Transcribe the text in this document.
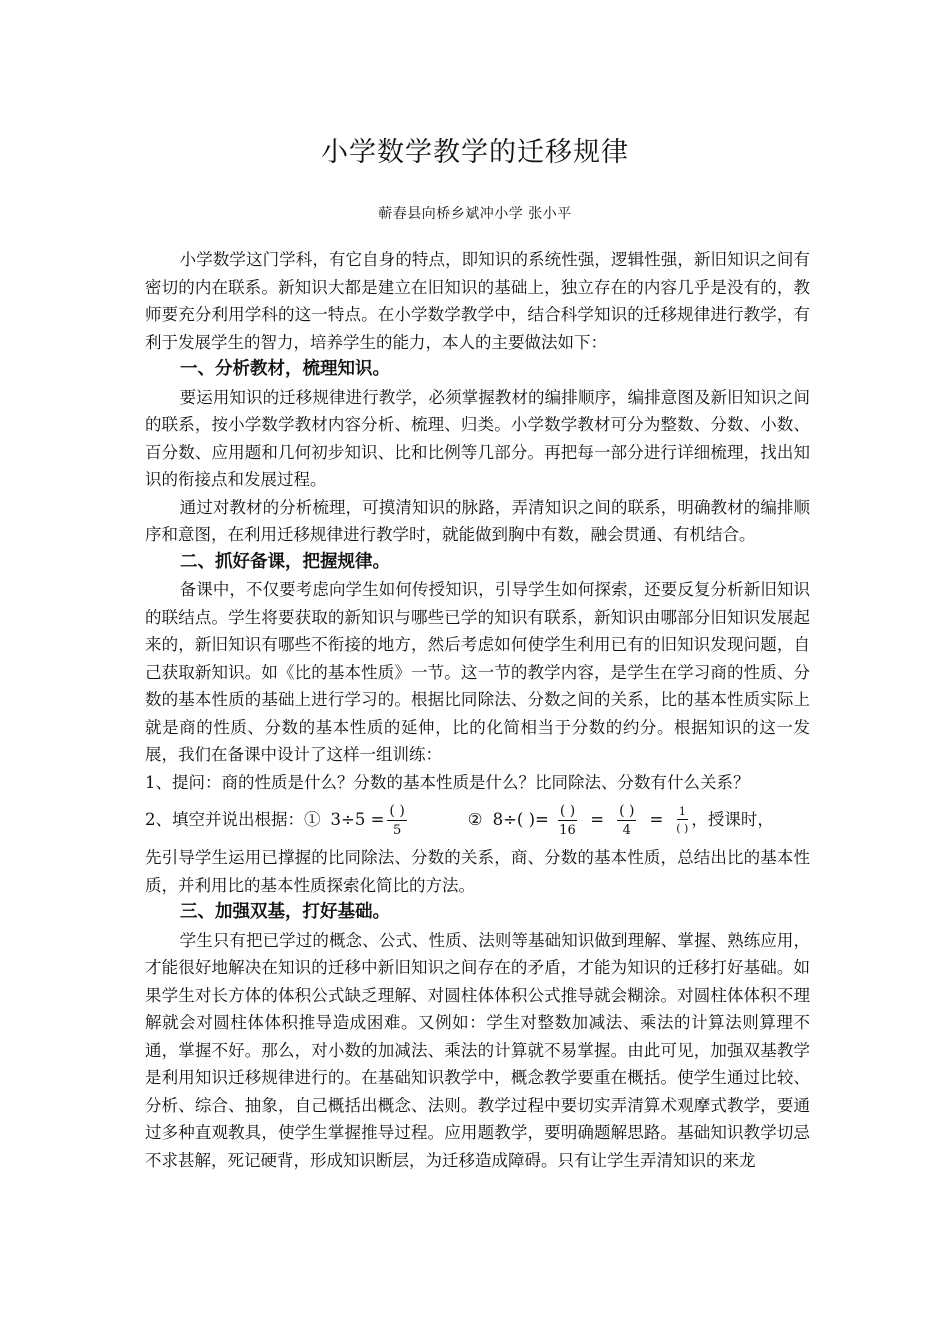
小学数学教学的迁移规律
蕲春县向桥乡斌冲小学 张小平

小学数学这门学科，有它自身的特点，即知识的系统性强，逻辑性强，新旧知识之间有密切的内在联系。新知识大都是建立在旧知识的基础上，独立存在的内容几乎是没有的，教师要充分利用学科的这一特点。在小学数学教学中，结合科学知识的迁移规律进行教学，有利于发展学生的智力，培养学生的能力，本人的主要做法如下：

一、分析教材，梳理知识。

要运用知识的迁移规律进行教学，必须掌握教材的编排顺序，编排意图及新旧知识之间的联系，按小学数学教材内容分析、梳理、归类。小学数学教材可分为整数、分数、小数、百分数、应用题和几何初步知识、比和比例等几部分。再把每一部分进行详细梳理，找出知识的衔接点和发展过程。

通过对教材的分析梳理，可摸清知识的脉路，弄清知识之间的联系，明确教材的编排顺序和意图，在利用迁移规律进行教学时，就能做到胸中有数，融会贯通、有机结合。

二、抓好备课，把握规律。

备课中，不仅要考虑向学生如何传授知识，引导学生如何探索，还要反复分析新旧知识的联结点。学生将要获取的新知识与哪些已学的知识有联系，新知识由哪部分旧知识发展起来的，新旧知识有哪些不衔接的地方，然后考虑如何使学生利用已有的旧知识发现问题，自己获取新知识。如《比的基本性质》一节。这一节的教学内容，是学生在学习商的性质、分数的基本性质的基础上进行学习的。根据比同除法、分数之间的关系，比的基本性质实际上就是商的性质、分数的基本性质的延伸，比的化简相当于分数的约分。根据知识的这一发展，我们在备课中设计了这样一组训练：

1、提问：商的性质是什么？分数的基本性质是什么？比同除法、分数有什么关系？

2、填空并说出根据：① $3\div 5 = \frac{( )}{5}$	② 8÷( )= $\frac{( )}{16} = \frac{( )}{4} = \frac{1}{( )}$ ，授课时，

先引导学生运用已撑握的比同除法、分数的关系，商、分数的基本性质，总结出比的基本性质，并利用比的基本性质探索化简比的方法。

三、加强双基，打好基础。

学生只有把已学过的概念、公式、性质、法则等基础知识做到理解、掌握、熟练应用，才能很好地解决在知识的迁移中新旧知识之间存在的矛盾，才能为知识的迁移打好基础。如果学生对长方体的体积公式缺乏理解、对圆柱体体积公式推导就会糊涂。对圆柱体体积不理解就会对圆柱体体积推导造成困难。又例如：学生对整数加减法、乘法的计算法则算理不通，掌握不好。那么，对小数的加减法、乘法的计算就不易掌握。由此可见，加强双基教学是利用知识迁移规律进行的。在基础知识教学中，概念教学要重在概括。使学生通过比较、分析、综合、抽象，自己概括出概念、法则。教学过程中要切实弄清算术观摩式教学，要通过多种直观教具，使学生掌握推导过程。应用题教学，要明确题解思路。基础知识教学切忌不求甚解，死记硬背，形成知识断层，为迁移造成障碍。只有让学生弄清知识的来龙
